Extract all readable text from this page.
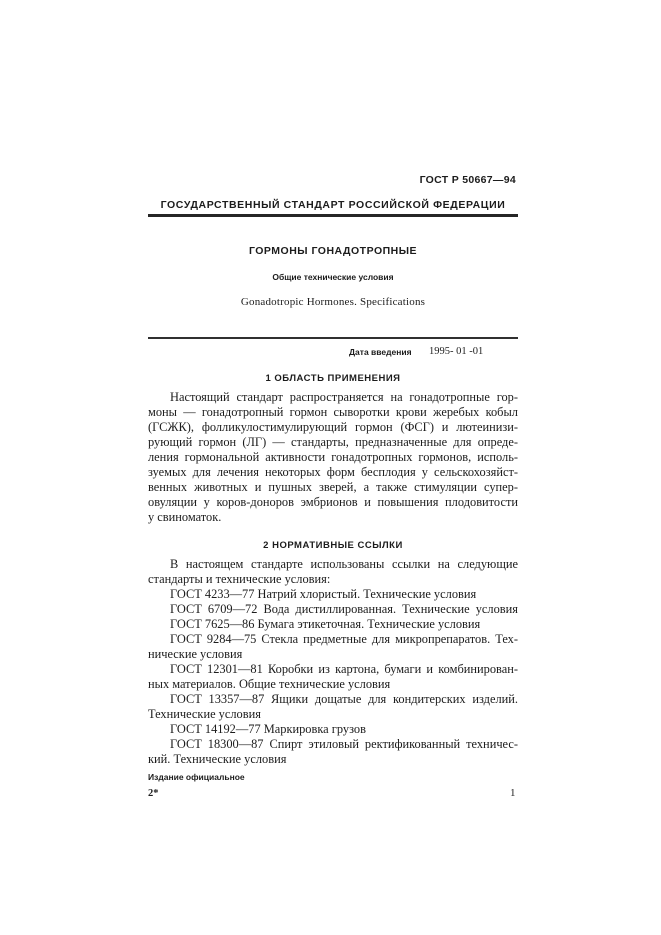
ГОСТ Р 50667—94
ГОСУДАРСТВЕННЫЙ СТАНДАРТ РОССИЙСКОЙ ФЕДЕРАЦИИ
ГОРМОНЫ ГОНАДОТРОПНЫЕ
Общие технические условия
Gonadotropic Hormones. Specifications
Дата введения 1995- 01 -01
1 ОБЛАСТЬ ПРИМЕНЕНИЯ
Настоящий стандарт распространяется на гонадотропные гор-
моны — гонадотропный гормон сыворотки крови жеребых кобыл
(ГСЖК), фолликулостимулирующий гормон (ФСГ) и лютеинизи-
рующий гормон (ЛГ) — стандарты, предназначенные для опреде-
ления гормональной активности гонадотропных гормонов, исполь-
зуемых для лечения некоторых форм бесплодия у сельскохозяйст-
венных животных и пушных зверей, а также стимуляции супер-
овуляции у коров-доноров эмбрионов и повышения плодовитости
у свиноматок.
2 НОРМАТИВНЫЕ ССЫЛКИ
В настоящем стандарте использованы ссылки на следующие
стандарты и технические условия:
ГОСТ 4233—77 Натрий хлористый. Технические условия
ГОСТ 6709—72 Вода дистиллированная. Технические условия
ГОСТ 7625—86 Бумага этикеточная. Технические условия
ГОСТ 9284—75 Стекла предметные для микропрепаратов. Тех-
нические условия
ГОСТ 12301—81 Коробки из картона, бумаги и комбинирован-
ных материалов. Общие технические условия
ГОСТ 13357—87 Ящики дощатые для кондитерских изделий.
Технические условия
ГОСТ 14192—77 Маркировка грузов
ГОСТ 18300—87 Спирт этиловый ректификованный техничес-
кий. Технические условия
Издание официальное
2*	1
